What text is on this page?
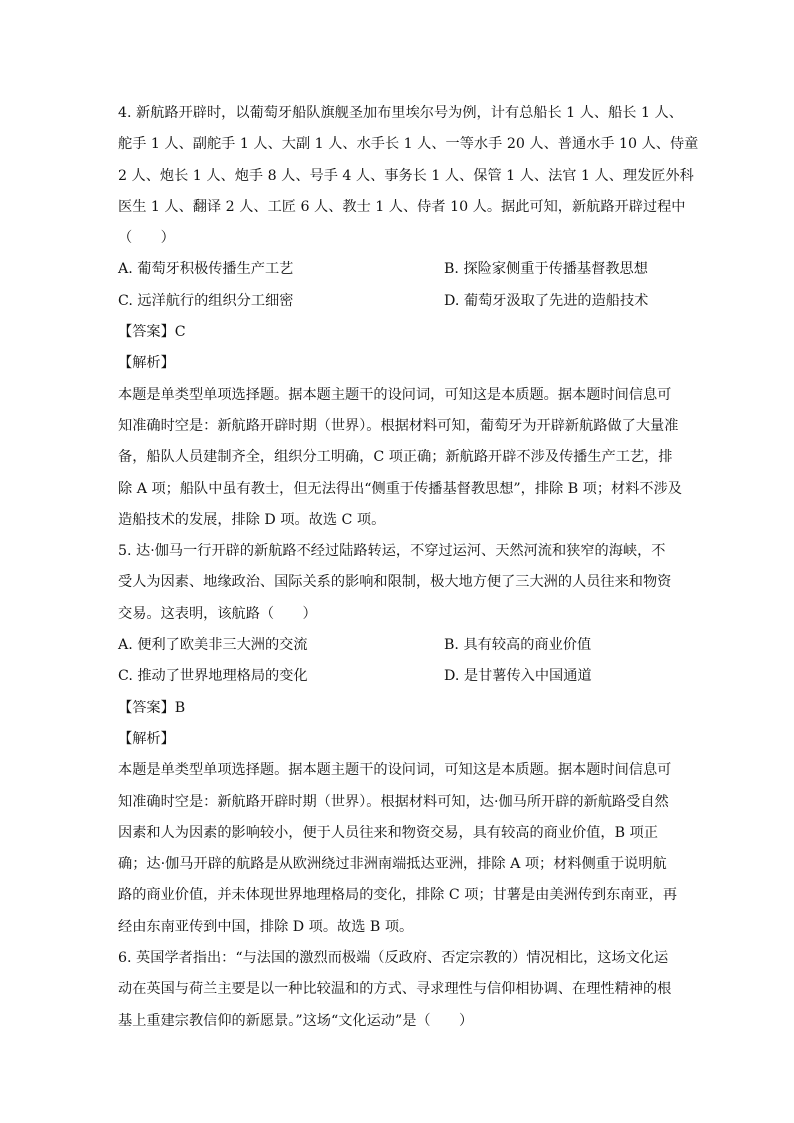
4. 新航路开辟时，以葡萄牙船队旗舰圣加布里埃尔号为例，计有总船长 1 人、船长 1 人、
舵手 1 人、副舵手 1 人、大副 1 人、水手长 1 人、一等水手 20 人、普通水手 10 人、侍童
2 人、炮长 1 人、炮手 8 人、号手 4 人、事务长 1 人、保管 1 人、法官 1 人、理发匠外科
医生 1 人、翻译 2 人、工匠 6 人、教士 1 人、侍者 10 人。据此可知，新航路开辟过程中
（　　）
A. 葡萄牙积极传播生产工艺	B. 探险家侧重于传播基督教思想
C. 远洋航行的组织分工细密	D. 葡萄牙汲取了先进的造船技术
【答案】C
【解析】
本题是单类型单项选择题。据本题主题干的设问词，可知这是本质题。据本题时间信息可
知准确时空是：新航路开辟时期（世界）。根据材料可知，葡萄牙为开辟新航路做了大量准
备，船队人员建制齐全，组织分工明确，C 项正确；新航路开辟不涉及传播生产工艺，排
除 A 项；船队中虽有教士，但无法得出“侧重于传播基督教思想”，排除 B 项；材料不涉及
造船技术的发展，排除 D 项。故选 C 项。
5. 达·伽马一行开辟的新航路不经过陆路转运，不穿过运河、天然河流和狭窄的海峡，不
受人为因素、地缘政治、国际关系的影响和限制，极大地方便了三大洲的人员往来和物资
交易。这表明，该航路（　　）
A. 便利了欧美非三大洲的交流	B. 具有较高的商业价值
C. 推动了世界地理格局的变化	D. 是甘薯传入中国通道
【答案】B
【解析】
本题是单类型单项选择题。据本题主题干的设问词，可知这是本质题。据本题时间信息可
知准确时空是：新航路开辟时期（世界）。根据材料可知，达·伽马所开辟的新航路受自然
因素和人为因素的影响较小，便于人员往来和物资交易，具有较高的商业价值，B 项正
确；达·伽马开辟的航路是从欧洲绕过非洲南端抵达亚洲，排除 A 项；材料侧重于说明航
路的商业价值，并未体现世界地理格局的变化，排除 C 项；甘薯是由美洲传到东南亚，再
经由东南亚传到中国，排除 D 项。故选 B 项。
6. 英国学者指出：“与法国的激烈而极端（反政府、否定宗教的）情况相比，这场文化运
动在英国与荷兰主要是以一种比较温和的方式、寻求理性与信仰相协调、在理性精神的根
基上重建宗教信仰的新愿景。”这场“文化运动”是（　　）
